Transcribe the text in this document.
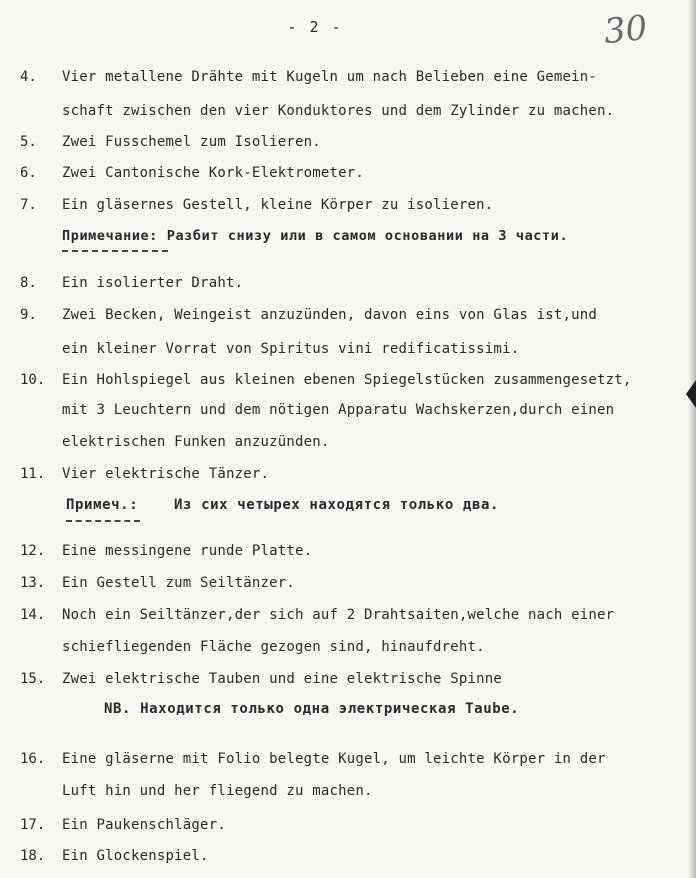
- 2 -	30
4.	Vier metallene Drähte mit Kugeln um nach Belieben eine Gemein-
schaft zwischen den vier Konduktores und dem Zylinder zu machen.
5.	Zwei Fusschemel zum Isolieren.
6.	Zwei Cantonische Kork-Elektrometer.
7.	Ein gläsernes Gestell, kleine Körper zu isolieren.
Примечание: Разбит снизу или в самом основании на 3 части.
8.	Ein isolierter Draht.
9.	Zwei Becken, Weingeist anzuzünden, davon eins von Glas ist,und
ein kleiner Vorrat von Spiritus vini redificatissimi.
10.	Ein Hohlspiegel aus kleinen ebenen Spiegelstücken zusammengesetzt,
mit 3 Leuchtern und dem nötigen Apparatu Wachskerzen,durch einen
elektrischen Funken anzuzünden.
11.	Vier elektrische Tänzer.
Примеч.:	Из сих четырех находятся только два.
12.	Eine messingene runde Platte.
13.	Ein Gestell zum Seiltänzer.
14.	Noch ein Seiltänzer,der sich auf 2 Drahtsaiten,welche nach einer
schiefliegenden Fläche gezogen sind, hinaufdreht.
15.	Zwei elektrische Tauben und eine elektrische Spinne
NB. Находится только одна электрическая Тaube.
16.	Eine gläserne mit Folio belegte Kugel, um leichte Körper in der
Luft hin und her fliegend zu machen.
17.	Ein Paukenschläger.
18.	Ein Glockenspiel.
